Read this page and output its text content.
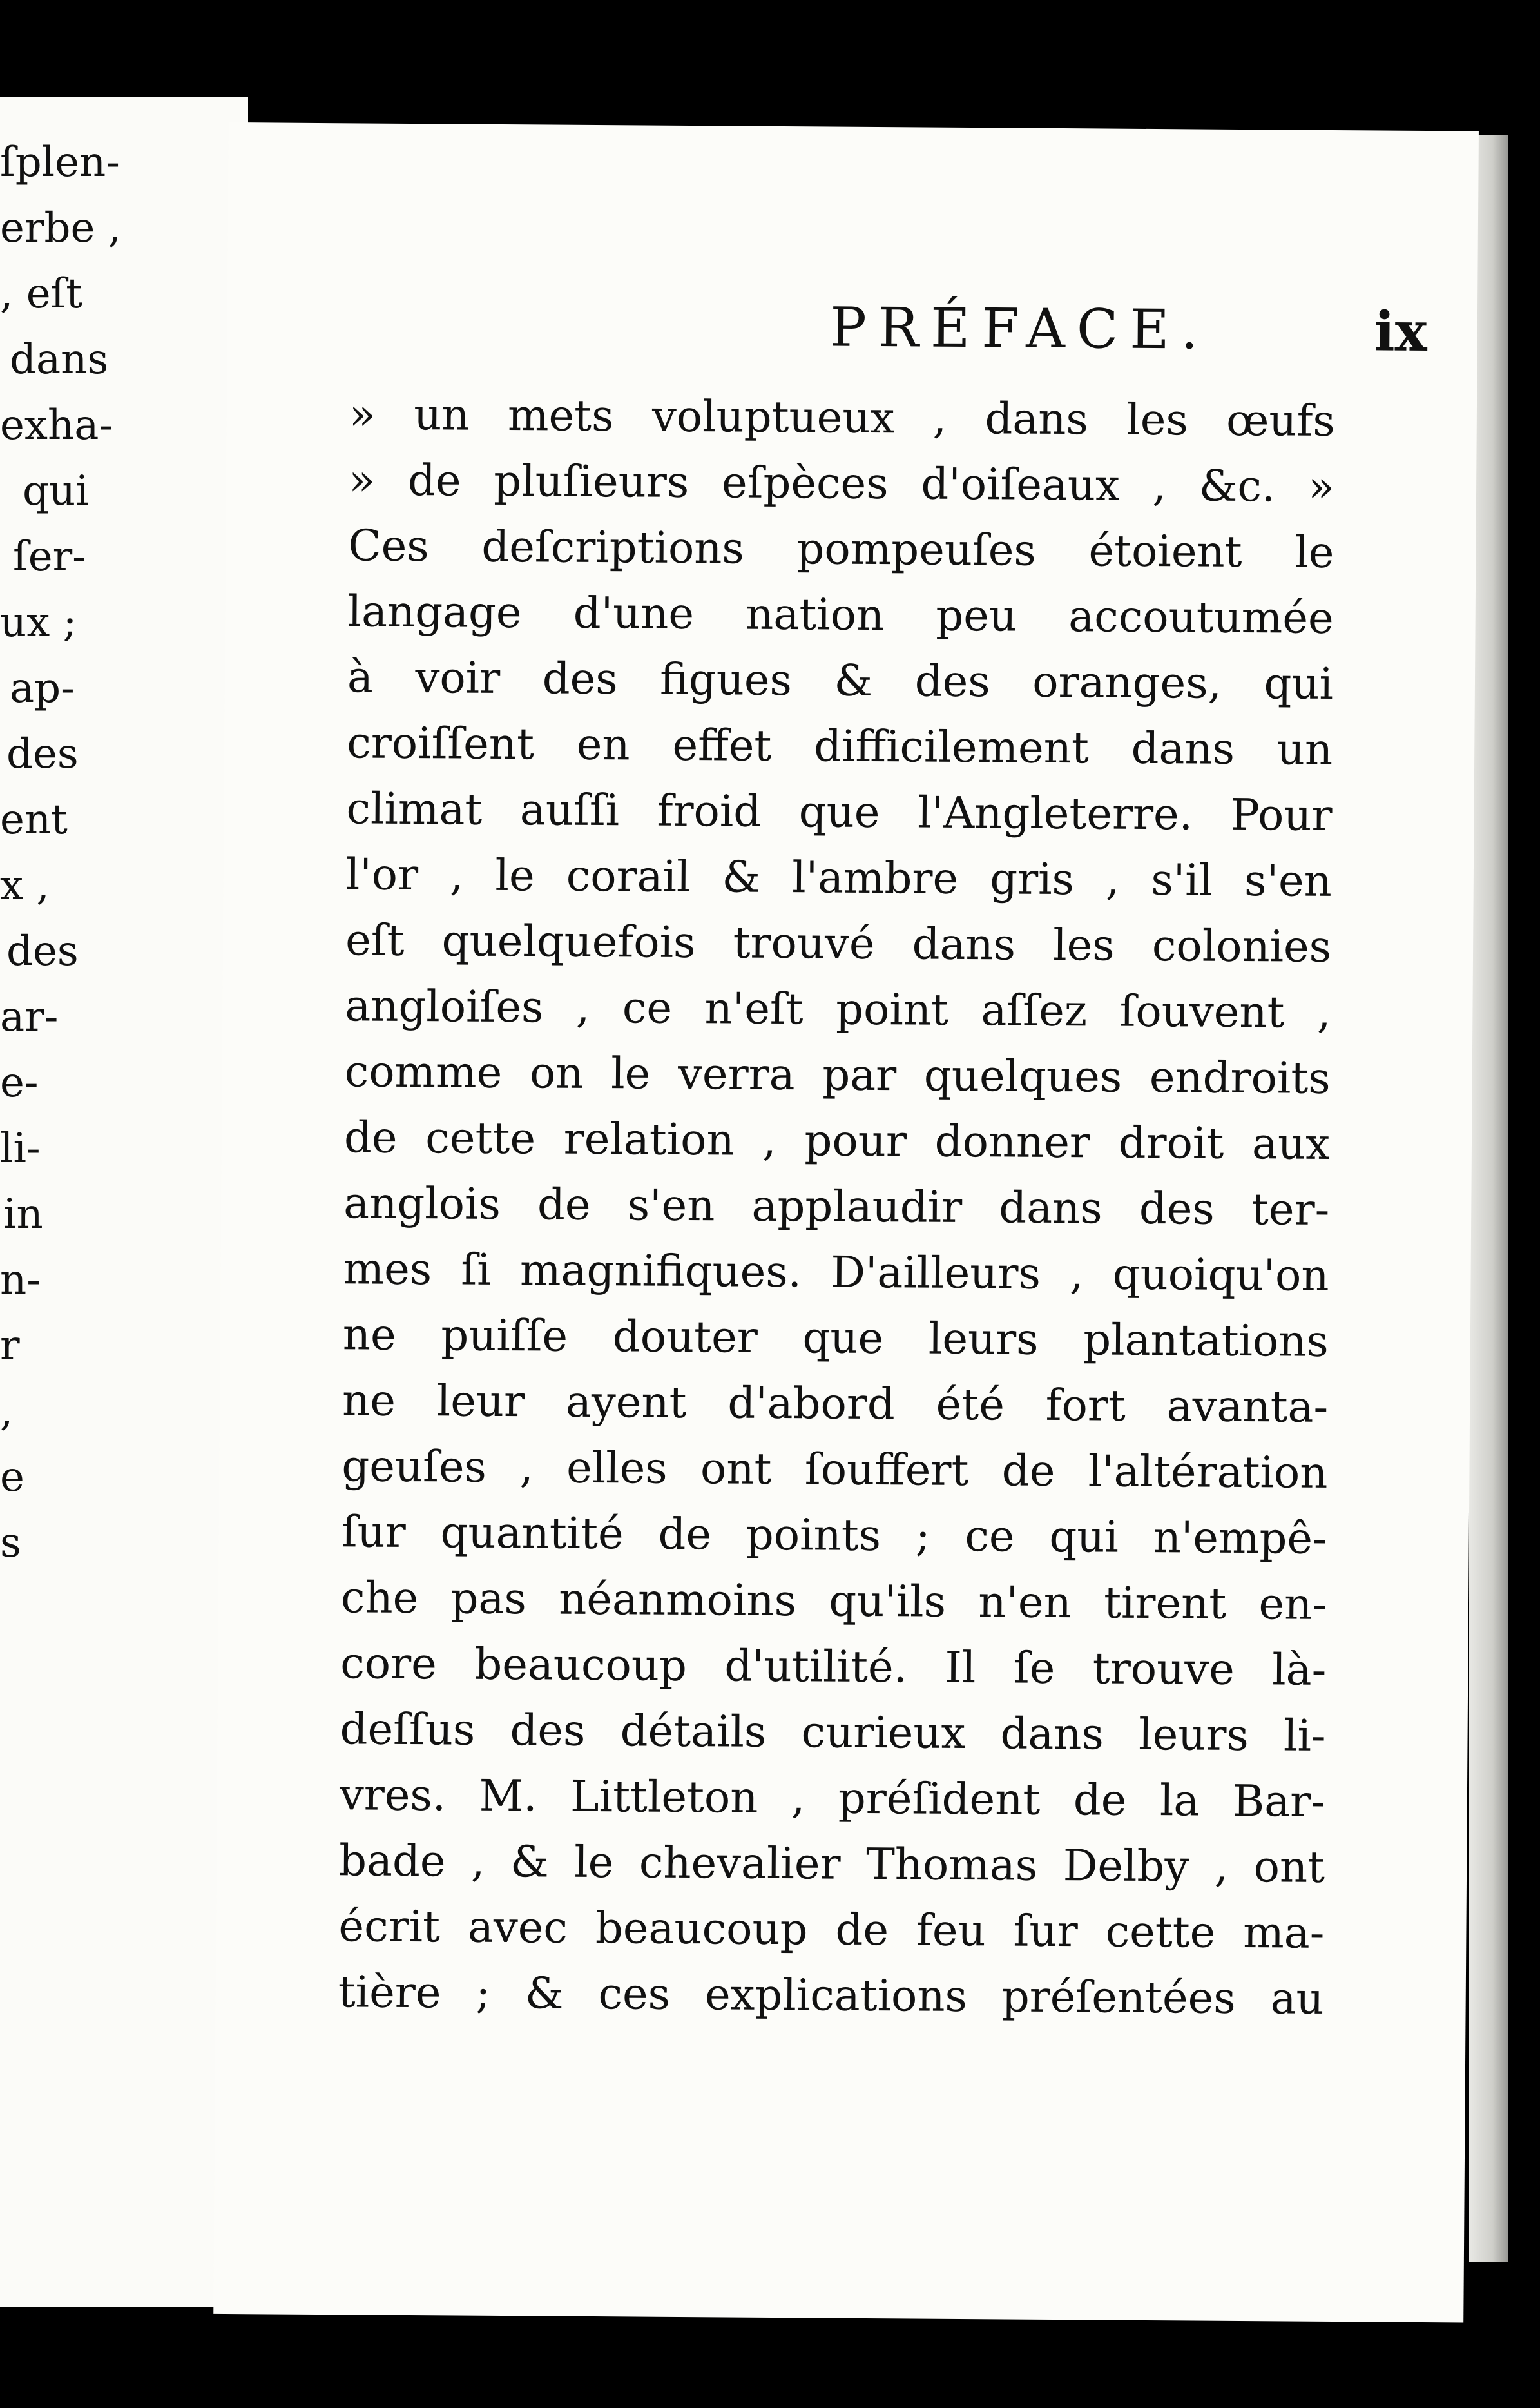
ſplen-
erbe ,
, eſt
dans
exha-
qui
ſer-
ux ;
ap-
des
ent
x ,
des
ar-
e-
li-
in
n-
r
,
e
s
PRÉFACE.	ix
» un mets voluptueux , dans les œufs
» de pluſieurs eſpèces d'oiſeaux , &c. »
Ces deſcriptions pompeuſes étoient le
langage d'une nation peu accoutumée
à voir des figues & des oranges, qui
croiſſent en effet difficilement dans un
climat auſſi froid que l'Angleterre. Pour
l'or , le corail & l'ambre gris , s'il s'en
eſt quelquefois trouvé dans les colonies
angloiſes , ce n'eſt point aſſez ſouvent ,
comme on le verra par quelques endroits
de cette relation , pour donner droit aux
anglois de s'en applaudir dans des ter-
mes ſi magnifiques. D'ailleurs , quoiqu'on
ne puiſſe douter que leurs plantations
ne leur ayent d'abord été fort avanta-
geuſes , elles ont ſouffert de l'altération
ſur quantité de points ; ce qui n'empê-
che pas néanmoins qu'ils n'en tirent en-
core beaucoup d'utilité. Il ſe trouve là-
deſſus des détails curieux dans leurs li-
vres. M. Littleton , préſident de la Bar-
bade , & le chevalier Thomas Delby , ont
écrit avec beaucoup de feu ſur cette ma-
tière ; & ces explications préſentées au
